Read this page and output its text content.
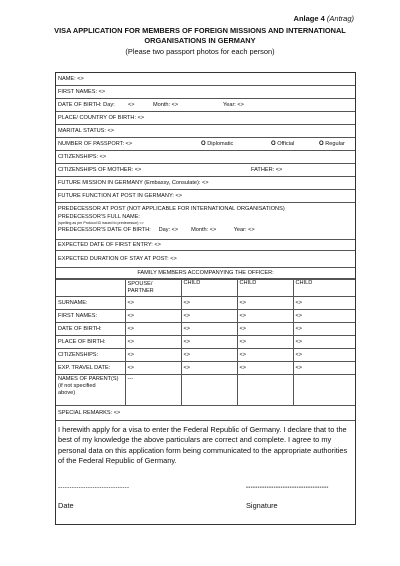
Anlage 4 (Antrag)
VISA APPLICATION FOR MEMBERS OF FOREIGN MISSIONS AND INTERNATIONAL
ORGANISATIONS IN GERMANY
(Please two passport photos for each person)
NAME: <>
FIRST NAMES: <>
DATE OF BIRTH: Day:	<>	Month: <>	Year: <>
PLACE/ COUNTRY OF BIRTH: <>
MARITAL STATUS: <>
NUMBER OF PASSPORT: <>	O Diplomatic	O Official	O Regular
CITIZENSHIPS: <>
CITIZENSHIPS OF MOTHER: <>	FATHER: <>
FUTURE MISSION IN GERMANY (Embassy, Consulate): <>
FUTURE FUNCTION AT POST IN GERMANY: <>
PREDECESSOR AT POST (NOT APPLICABLE FOR INTERNATIONAL ORGANISATIONS)
PREDECESSOR'S FULL NAME:
(spelling as per Protocol ID issued to predecessor) <>
PREDECESSOR'S DATE OF BIRTH: Day: <> Month: <>	Year: <>
EXPECTED DATE OF FIRST ENTRY: <>
EXPECTED DURATION OF STAY AT POST: <>
FAMILY MEMBERS ACCOMPANYING THE OFFICER:
	SPOUSE/ PARTNER	CHILD	CHILD	CHILD
SURNAME:	<>	<>	<>	<>
FIRST NAMES:	<>	<>	<>	<>
DATE OF BIRTH:	<>	<>	<>	<>
PLACE OF BIRTH:	<>	<>	<>	<>
CITIZENSHIPS:	<>	<>	<>	<>
EXP. TRAVEL DATE:	<>	<>	<>	<>

NAMES OF PARENT(S)
(if not specified
above)	---			
SPECIAL REMARKS: <>

I herewith apply for a visa to enter the Federal Republic of Germany. I declare that to the best of my knowledge the above particulars are correct and complete. I agree to my personal data on this application form being communicated to the appropriate authorities of the Federal Republic of Germany.

-------------------------------	------------------------------------
Date	Signature
